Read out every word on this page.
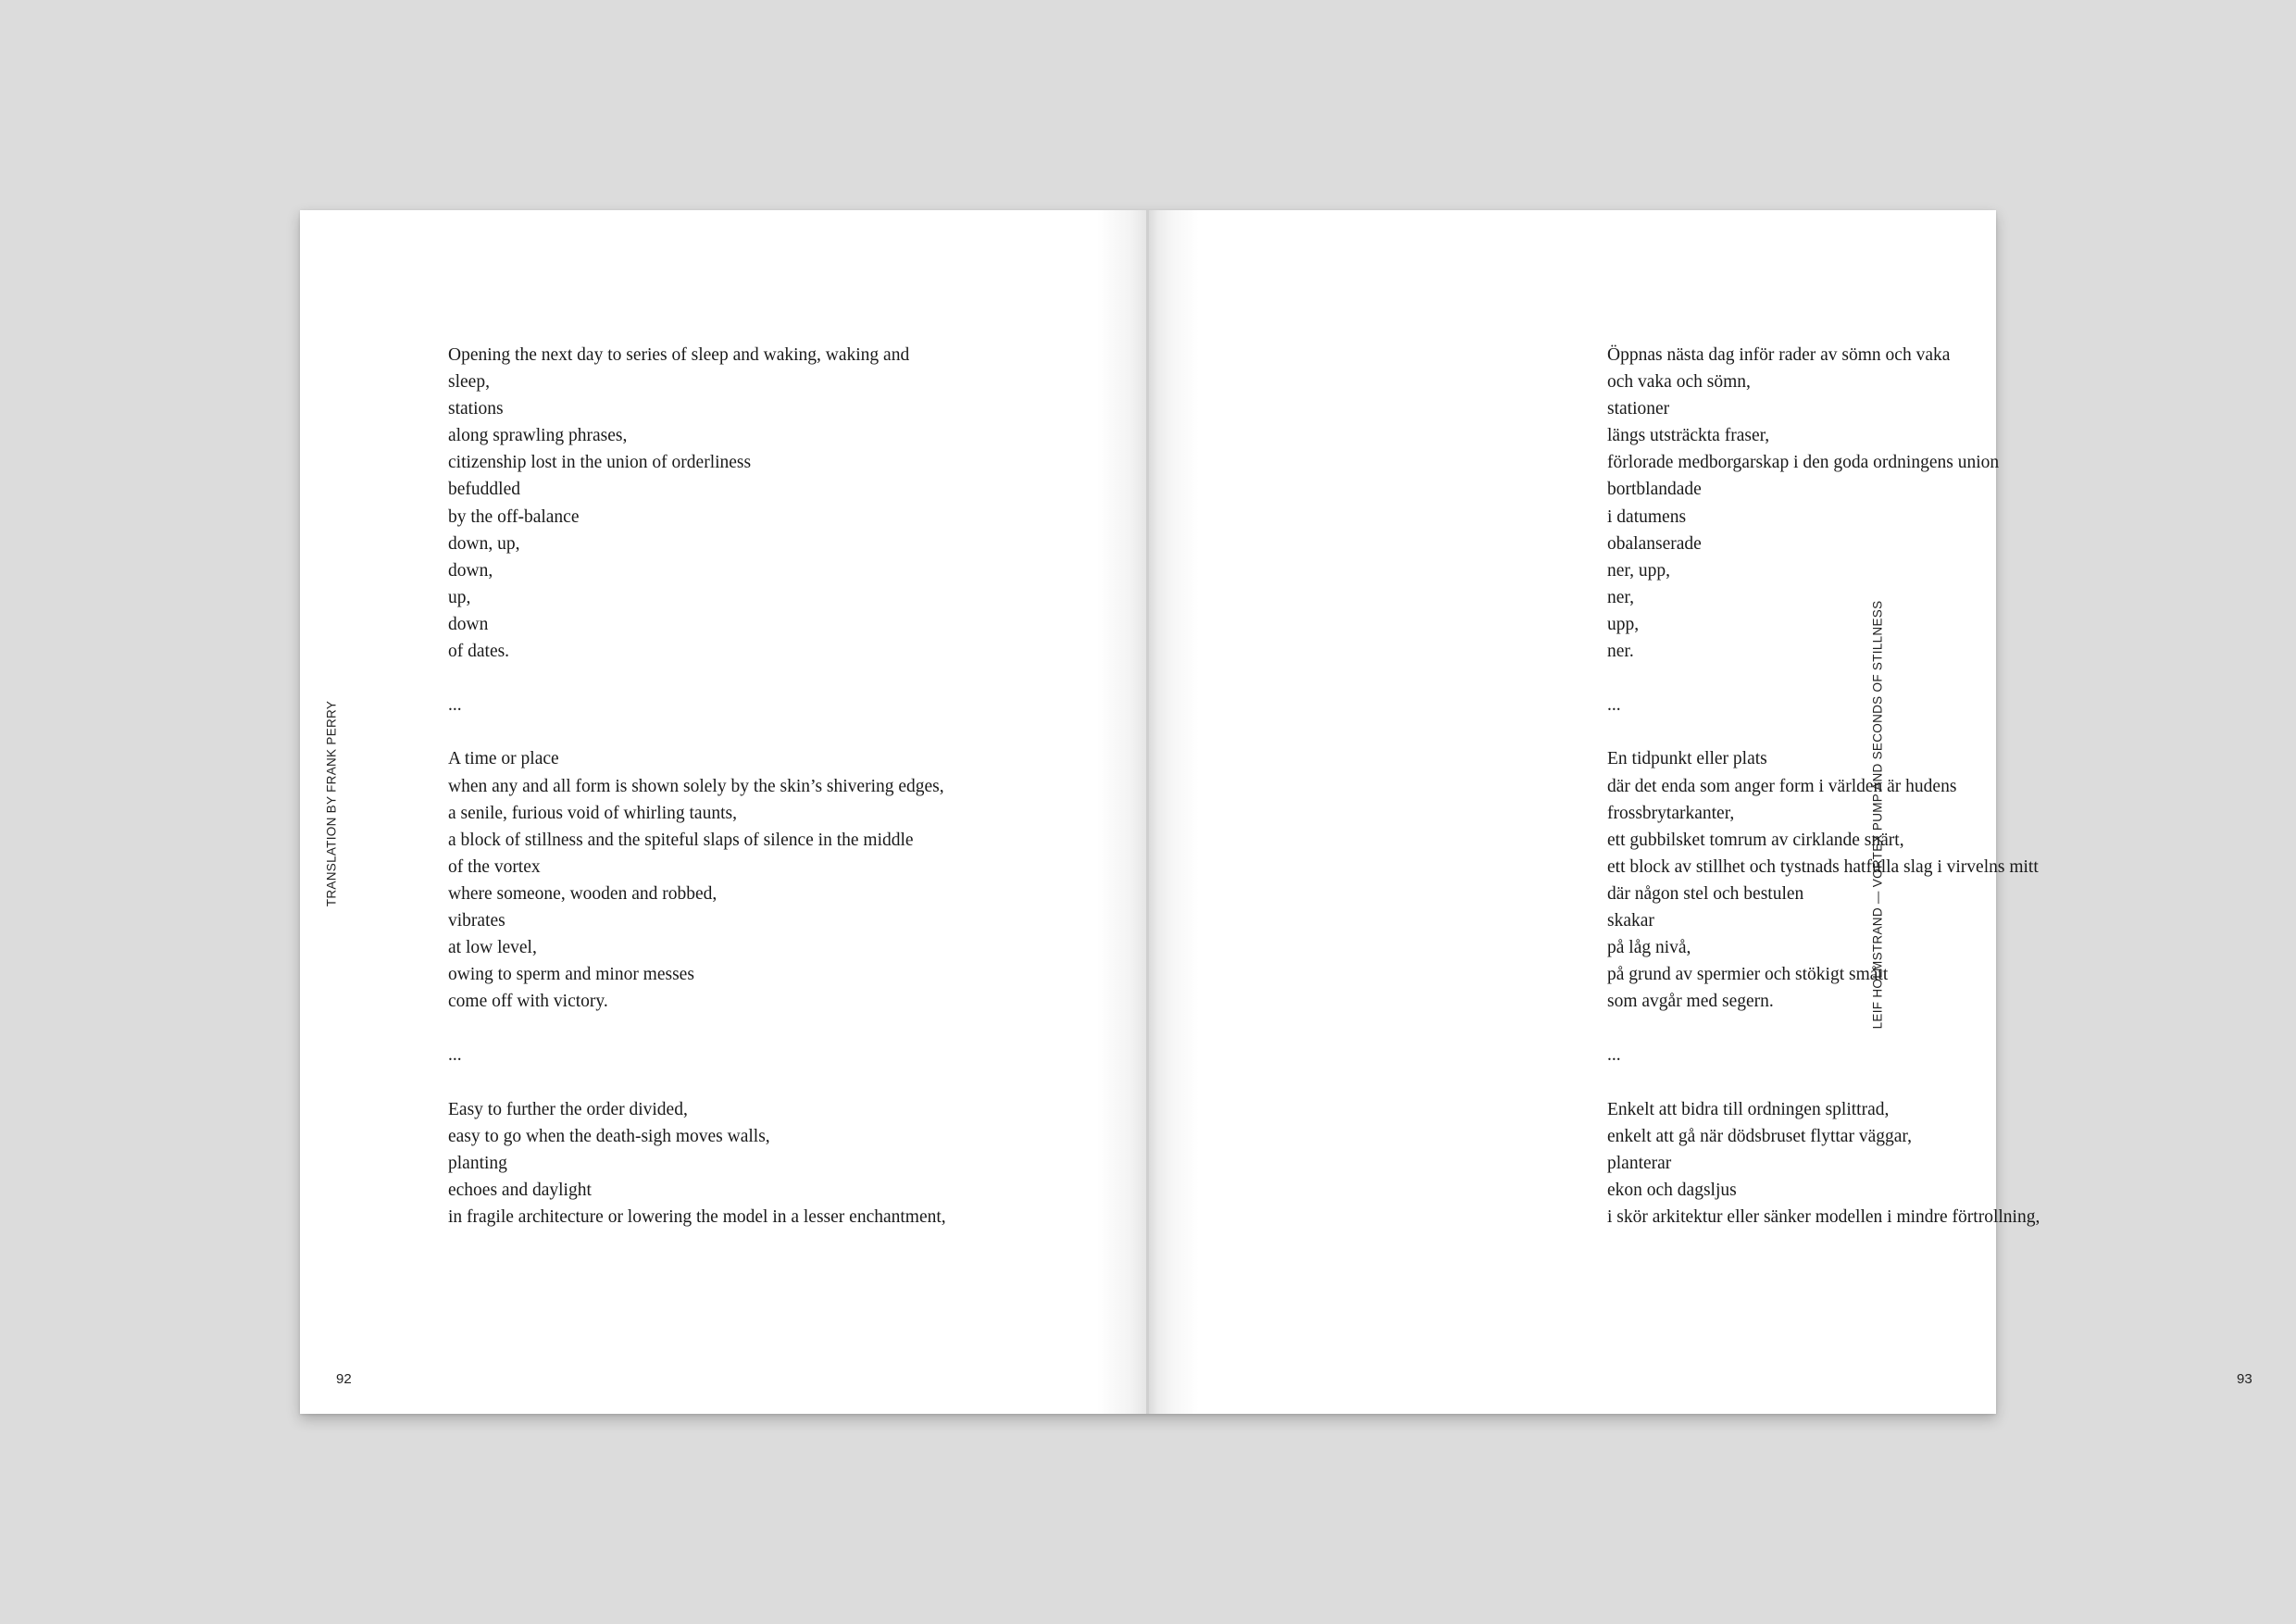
TRANSLATION BY FRANK PERRY
Opening the next day to series of sleep and waking, waking and
sleep,
stations
along sprawling phrases,
citizenship lost in the union of orderliness
befuddled
by the off-balance
down, up,
down,
up,
down
of dates.
...
A time or place
when any and all form is shown solely by the skin’s shivering edges,
a senile, furious void of whirling taunts,
a block of stillness and the spiteful slaps of silence in the middle
of the vortex
where someone, wooden and robbed,
vibrates
at low level,
owing to sperm and minor messes
come off with victory.
...
Easy to further the order divided,
easy to go when the death-sigh moves walls,
planting
echoes and daylight
in fragile architecture or lowering the model in a lesser enchantment,
92
LEIF HOLMSTRAND — VORTEX PUMP AND SECONDS OF STILLNESS
Öppnas nästa dag inför rader av sömn och vaka
och vaka och sömn,
stationer
längs utsträckta fraser,
förlorade medborgarskap i den goda ordningens union
bortblandade
i datumens
obalanserade
ner, upp,
ner,
upp,
ner.
...
En tidpunkt eller plats
där det enda som anger form i världen är hudens
frossbrytarkanter,
ett gubbilsket tomrum av cirklande snärt,
ett block av stillhet och tystnads hatfulla slag i virvelns mitt
där någon stel och bestulen
skakar
på låg nivå,
på grund av spermier och stökigt smått
som avgår med segern.
...
Enkelt att bidra till ordningen splittrad,
enkelt att gå när dödsbruset flyttar väggar,
planterar
ekon och dagsljus
i skör arkitektur eller sänker modellen i mindre förtrollning,
93
